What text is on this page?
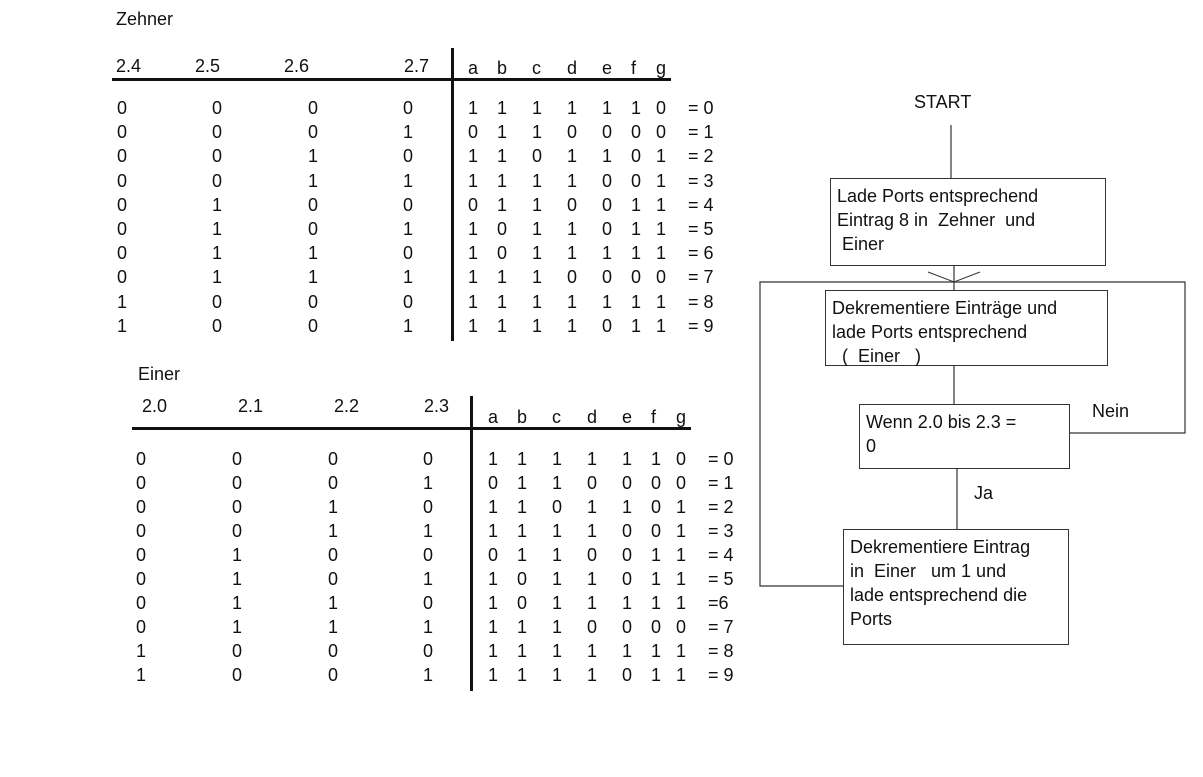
Zehner
2.4	2.5	2.6	2.7 a b c d e f g
0	0	0	0	1 1 1 1 1 1 0 = 0
0	0	0	1	0 1 1 0 0 0 0 = 1
0	0	1	0	1 1 0 1 1 0 1 = 2
0	0	1	1	1 1 1 1 0 0 1 = 3
0	1	0	0	0 1 1 0 0 1 1 = 4
0	1	0	1	1 0 1 1 0 1 1 = 5
0	1	1	0	1 0 1 1 1 1 1 = 6
0	1	1	1	1 1 1 0 0 0 0 = 7
1	0	0	0	1 1 1 1 1 1 1 = 8
1	0	0	1	1 1 1 1 0 1 1 = 9
Einer
2.0	2.1	2.2	2.3
a b c d e f g
0	0	0	0	1 1 1 1 1 1 0 = 0
0	0	0	1	0 1 1 0 0 0 0 = 1
0	0	1	0	1 1 0 1 1 0 1 = 2
0	0	1	1	1 1 1 1 0 0 1 = 3
0	1	0	0	0 1 1 0 0 1 1 = 4
0	1	0	1	1 0 1 1 0 1 1 = 5
0	1	1	0	1 0 1 1 1 1 1 =6
0	1	1	1	1 1 1 0 0 0 0 = 7
1	0	0	0	1 1 1 1 1 1 1 = 8
1	0	0	1	1 1 1 1 0 1 1 = 9
START
Lade Ports entsprechend
Eintrag 8 in  Zehner  und
Einer
Dekrementiere Einträge und
lade Ports entsprechend
(  Einer   )
Wenn 2.0 bis 2.3 =
0
Dekrementiere Eintrag
in  Einer   um 1 und
lade entsprechend die
Ports
Nein
Ja
